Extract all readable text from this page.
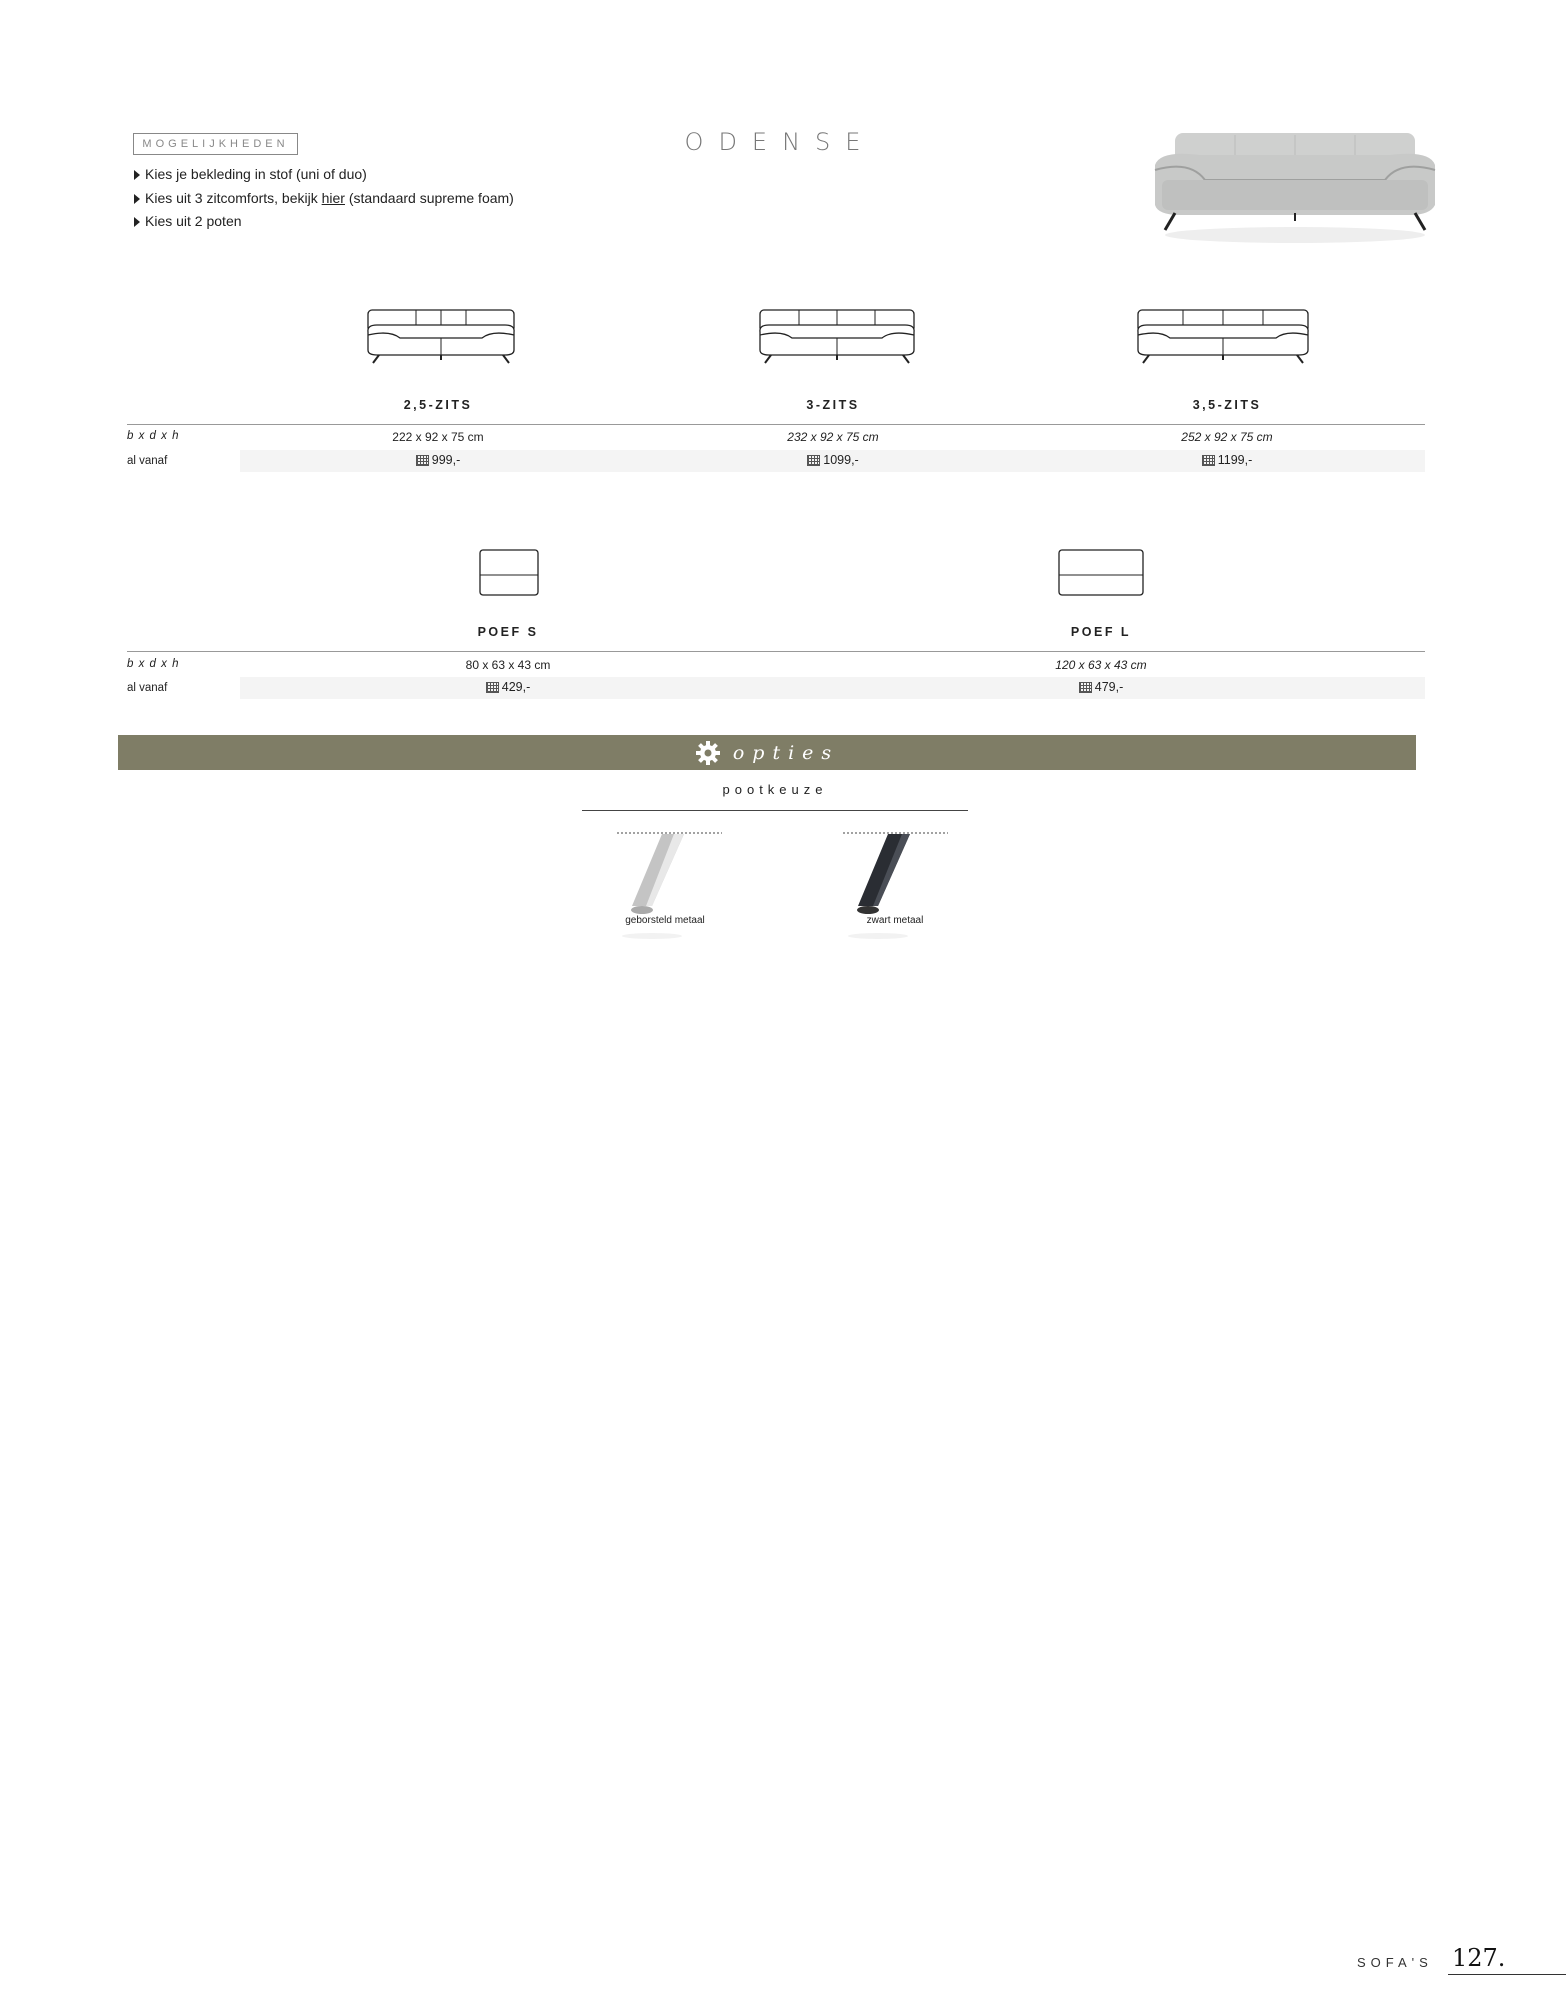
MOGELIJKHEDEN	ODENSE
Kies je bekleding in stof (uni of duo)
Kies uit 3 zitcomforts, bekijk hier (standaard supreme foam)
Kies uit 2 poten
2,5-ZITS	3-ZITS	3,5-ZITS
b x d x h	222 x 92 x 75 cm	232 x 92 x 75 cm	252 x 92 x 75 cm
al vanaf	999,-	1099,-	1199,-
POEF S	POEF L
b x d x h	80 x 63 x 43 cm	120 x 63 x 43 cm
al vanaf	429,-	479,-
opties
pootkeuze
geborsteld metaal	zwart metaal
SOFA'S 127.
